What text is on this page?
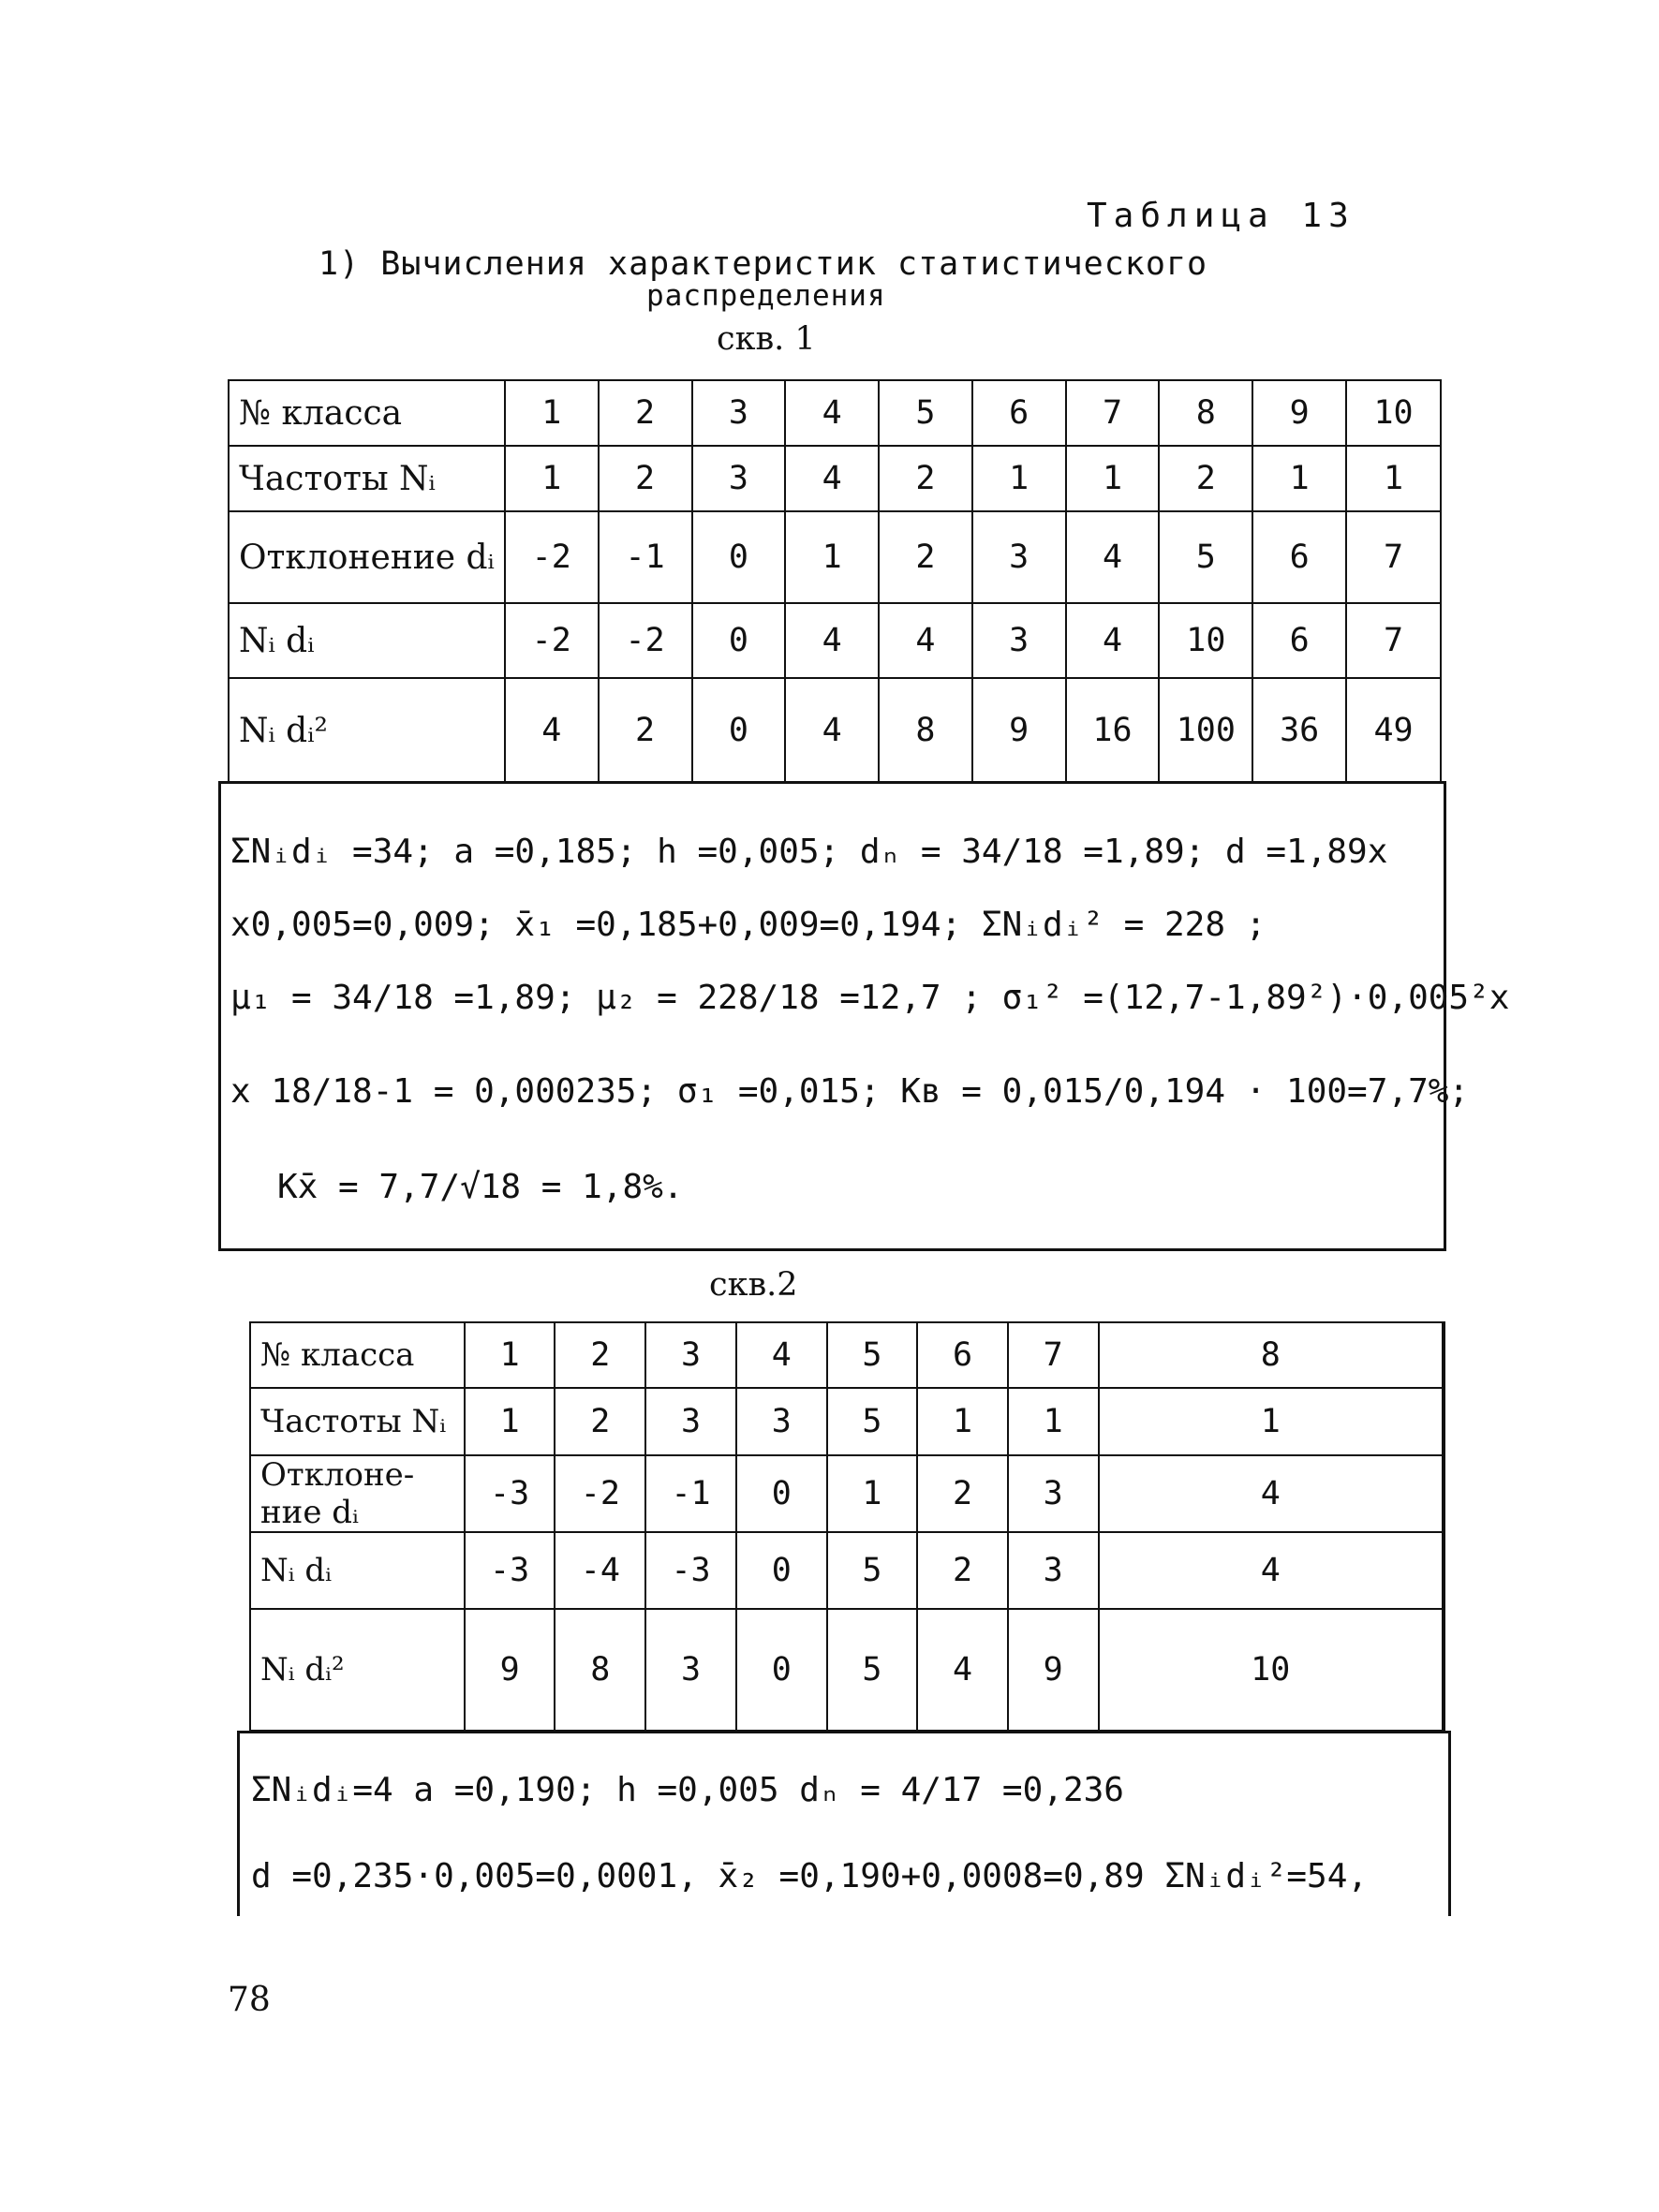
Таблица 13
1) Вычисления характеристик статистического
распределения
скв. 1
№ класса	1	2	3	4	5	6	7	8	9	10
Частоты Nᵢ	1	2	3	4	2	1	1	2	1	1
Отклонение dᵢ	-2	-1	0	1	2	3	4	5	6	7
Nᵢ dᵢ	-2	-2	0	4	4	3	4	10	6	7
Nᵢ dᵢ²	4	2	0	4	8	9	16	100	36	49
ΣNᵢdᵢ =34; a =0,185; h =0,005; dₙ = 34/18 =1,89; d =1,89x
x0,005=0,009; x̄₁ =0,185+0,009=0,194; ΣNᵢdᵢ² = 228 ;
μ₁ = 34/18 =1,89; μ₂ = 228/18 =12,7 ; σ₁² =(12,7-1,89²)·0,005²x
x 18/18-1 = 0,000235; σ₁ =0,015; Kв = 0,015/0,194 · 100=7,7%;
Kx̄ = 7,7/√18 = 1,8%.
скв.2
№ класса	1	2	3	4	5	6	7	8	
Частоты Nᵢ	1	2	3	3	5	1	1	1	
Отклоне-ние dᵢ	-3	-2	-1	0	1	2	3	4	
Nᵢ dᵢ	-3	-4	-3	0	5	2	3	4	
Nᵢ dᵢ²	9	8	3	0	5	4	9	10	
ΣNᵢdᵢ=4 a =0,190; h =0,005 dₙ = 4/17 =0,236
d =0,235·0,005=0,0001, x̄₂ =0,190+0,0008=0,89 ΣNᵢdᵢ²=54,
78
